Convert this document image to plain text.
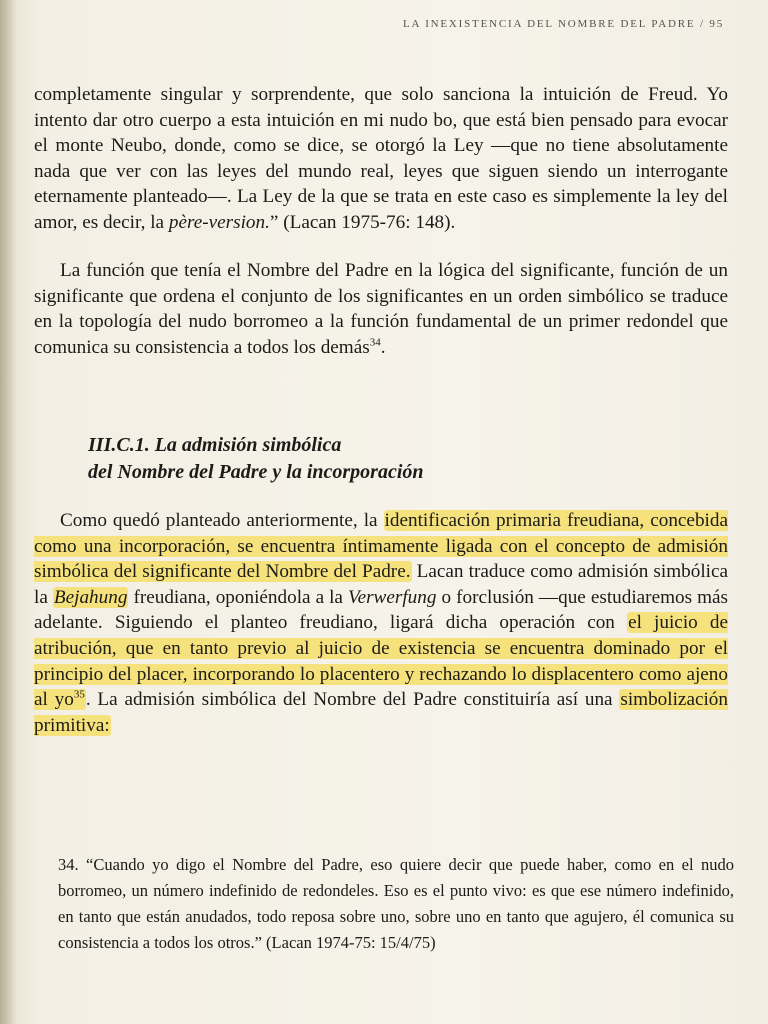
LA INEXISTENCIA DEL NOMBRE DEL PADRE / 95

completamente singular y sorprendente, que solo sanciona la intuición de Freud. Yo intento dar otro cuerpo a esta intuición en mi nudo bo, que está bien pensado para evocar el monte Neubo, donde, como se dice, se otorgó la Ley —que no tiene absolutamente nada que ver con las leyes del mundo real, leyes que siguen siendo un interrogante eternamente planteado—. La Ley de la que se trata en este caso es simplemente la ley del amor, es decir, la père-version.” (Lacan 1975-76: 148).

La función que tenía el Nombre del Padre en la lógica del significante, función de un significante que ordena el conjunto de los significantes en un orden simbólico se traduce en la topología del nudo borromeo a la función fundamental de un primer redondel que comunica su consistencia a todos los demás$^{34}$.

III.C.1. La admisión simbólica
del Nombre del Padre y la incorporación

Como quedó planteado anteriormente, la identificación primaria freudiana, concebida como una incorporación, se encuentra íntimamente ligada con el concepto de admisión simbólica del significante del Nombre del Padre. Lacan traduce como admisión simbólica la Bejahung freudiana, oponiéndola a la Verwerfung o forclusión —que estudiaremos más adelante. Siguiendo el planteo freudiano, ligará dicha operación con el juicio de atribución, que en tanto previo al juicio de existencia se encuentra dominado por el principio del placer, incorporando lo placentero y rechazando lo displacentero como ajeno al $yo^{35}$. La admisión simbólica del Nombre del Padre constituiría así una simbolización primitiva:

34. “Cuando yo digo el Nombre del Padre, eso quiere decir que puede haber, como en el nudo borromeo, un número indefinido de redondeles. Eso es el punto vivo: es que ese número indefinido, en tanto que están anudados, todo reposa sobre uno, sobre uno en tanto que agujero, él comunica su consistencia a todos los otros.” (Lacan 1974-75: 15/4/75)
